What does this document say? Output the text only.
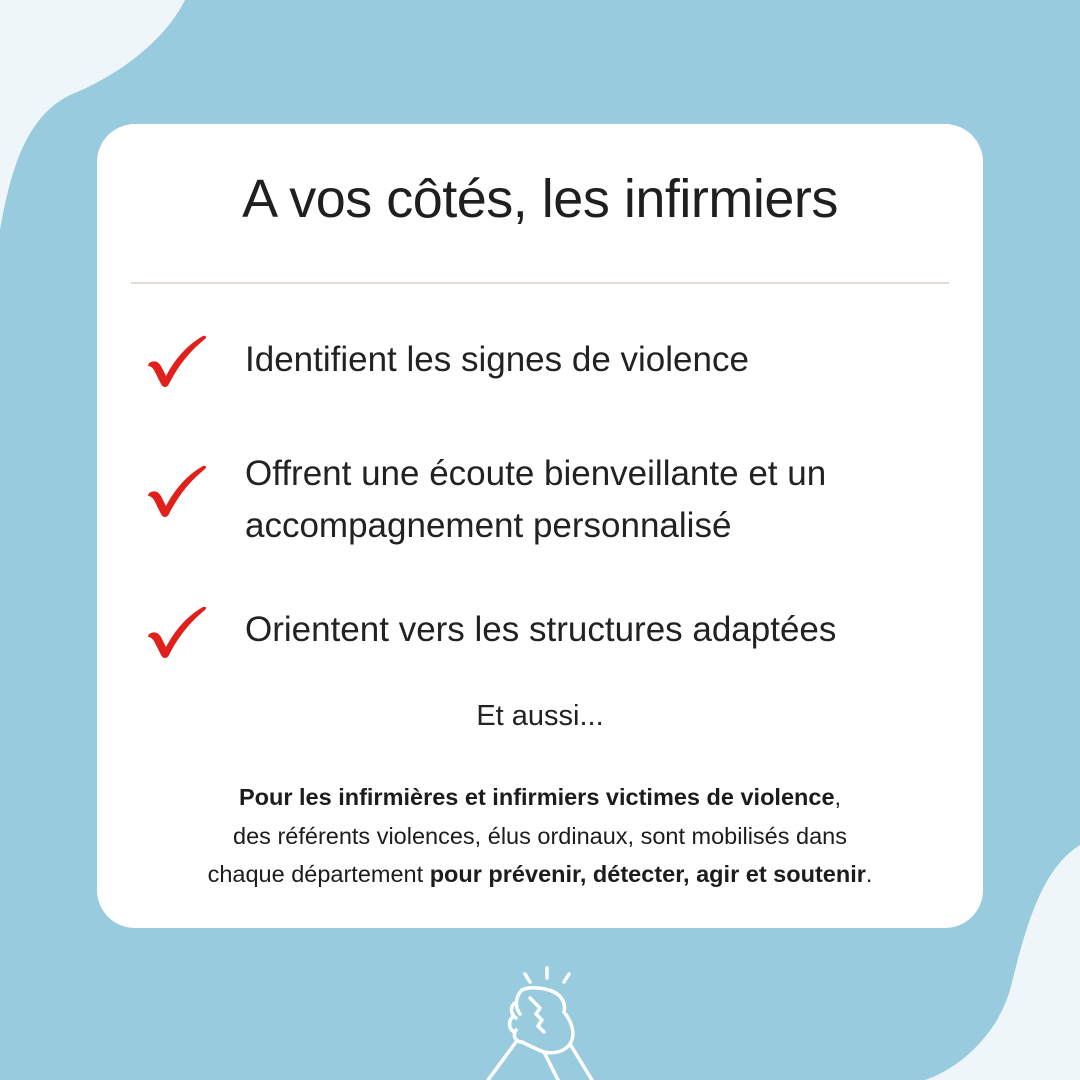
A vos côtés, les infirmiers
Identifient les signes de violence
Offrent une écoute bienveillante et un
accompagnement personnalisé
Orientent vers les structures adaptées
Et aussi...
Pour les infirmières et infirmiers victimes de violence,
des référents violences, élus ordinaux, sont mobilisés dans
chaque département pour prévenir, détecter, agir et soutenir.
